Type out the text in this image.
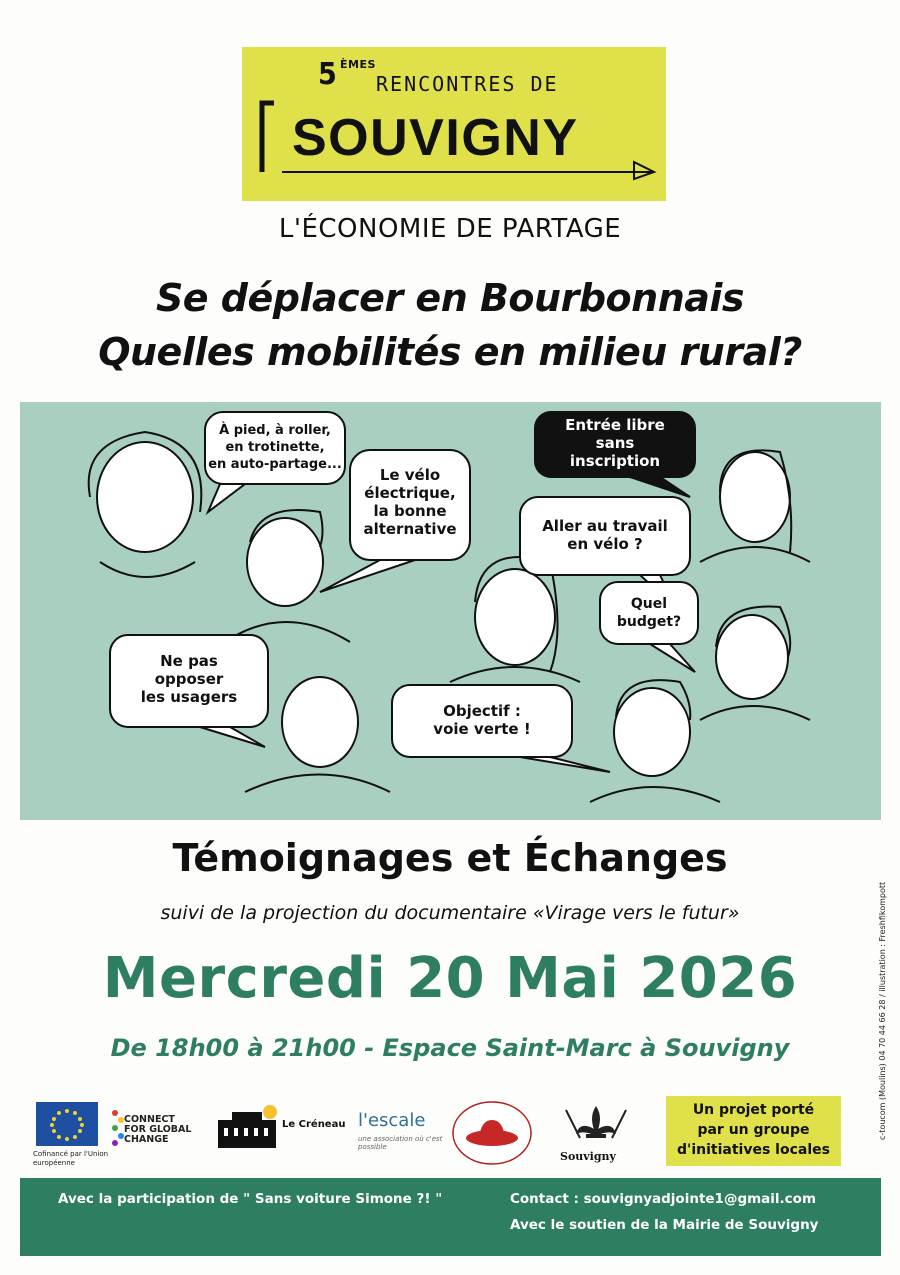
5 ÈMES
RENCONTRES DE
SOUVIGNY
L'ÉCONOMIE DE PARTAGE
Se déplacer en Bourbonnais
Quelles mobilités en milieu rural?
À pied, à roller,
en trotinette,
en auto-partage...
Le vélo
électrique,
la bonne
alternative
Entrée libre
sans
inscription
Aller au travail
en vélo ?
Quel
budget?
Ne pas
opposer
les usagers
Objectif :
voie verte !
Témoignages et Échanges
suivi de la projection du documentaire «Virage vers le futur»
Mercredi 20 Mai 2026
De 18h00 à 21h00 - Espace Saint-Marc à Souvigny	c-toucom (Moulins) 04 70 44 66 28 / illustration : Freshfikompott
Cofinancé par l'Union européenne
CONNECT
FOR GLOBAL
CHANGE
Le Créneau l'escale
une association où c'est possible
Souvigny
Un projet porté
par un groupe
d'initiatives locales
Avec la participation de " Sans voiture Simone ?! "	Contact : souvignyadjointe1@gmail.com
Avec le soutien de la Mairie de Souvigny
